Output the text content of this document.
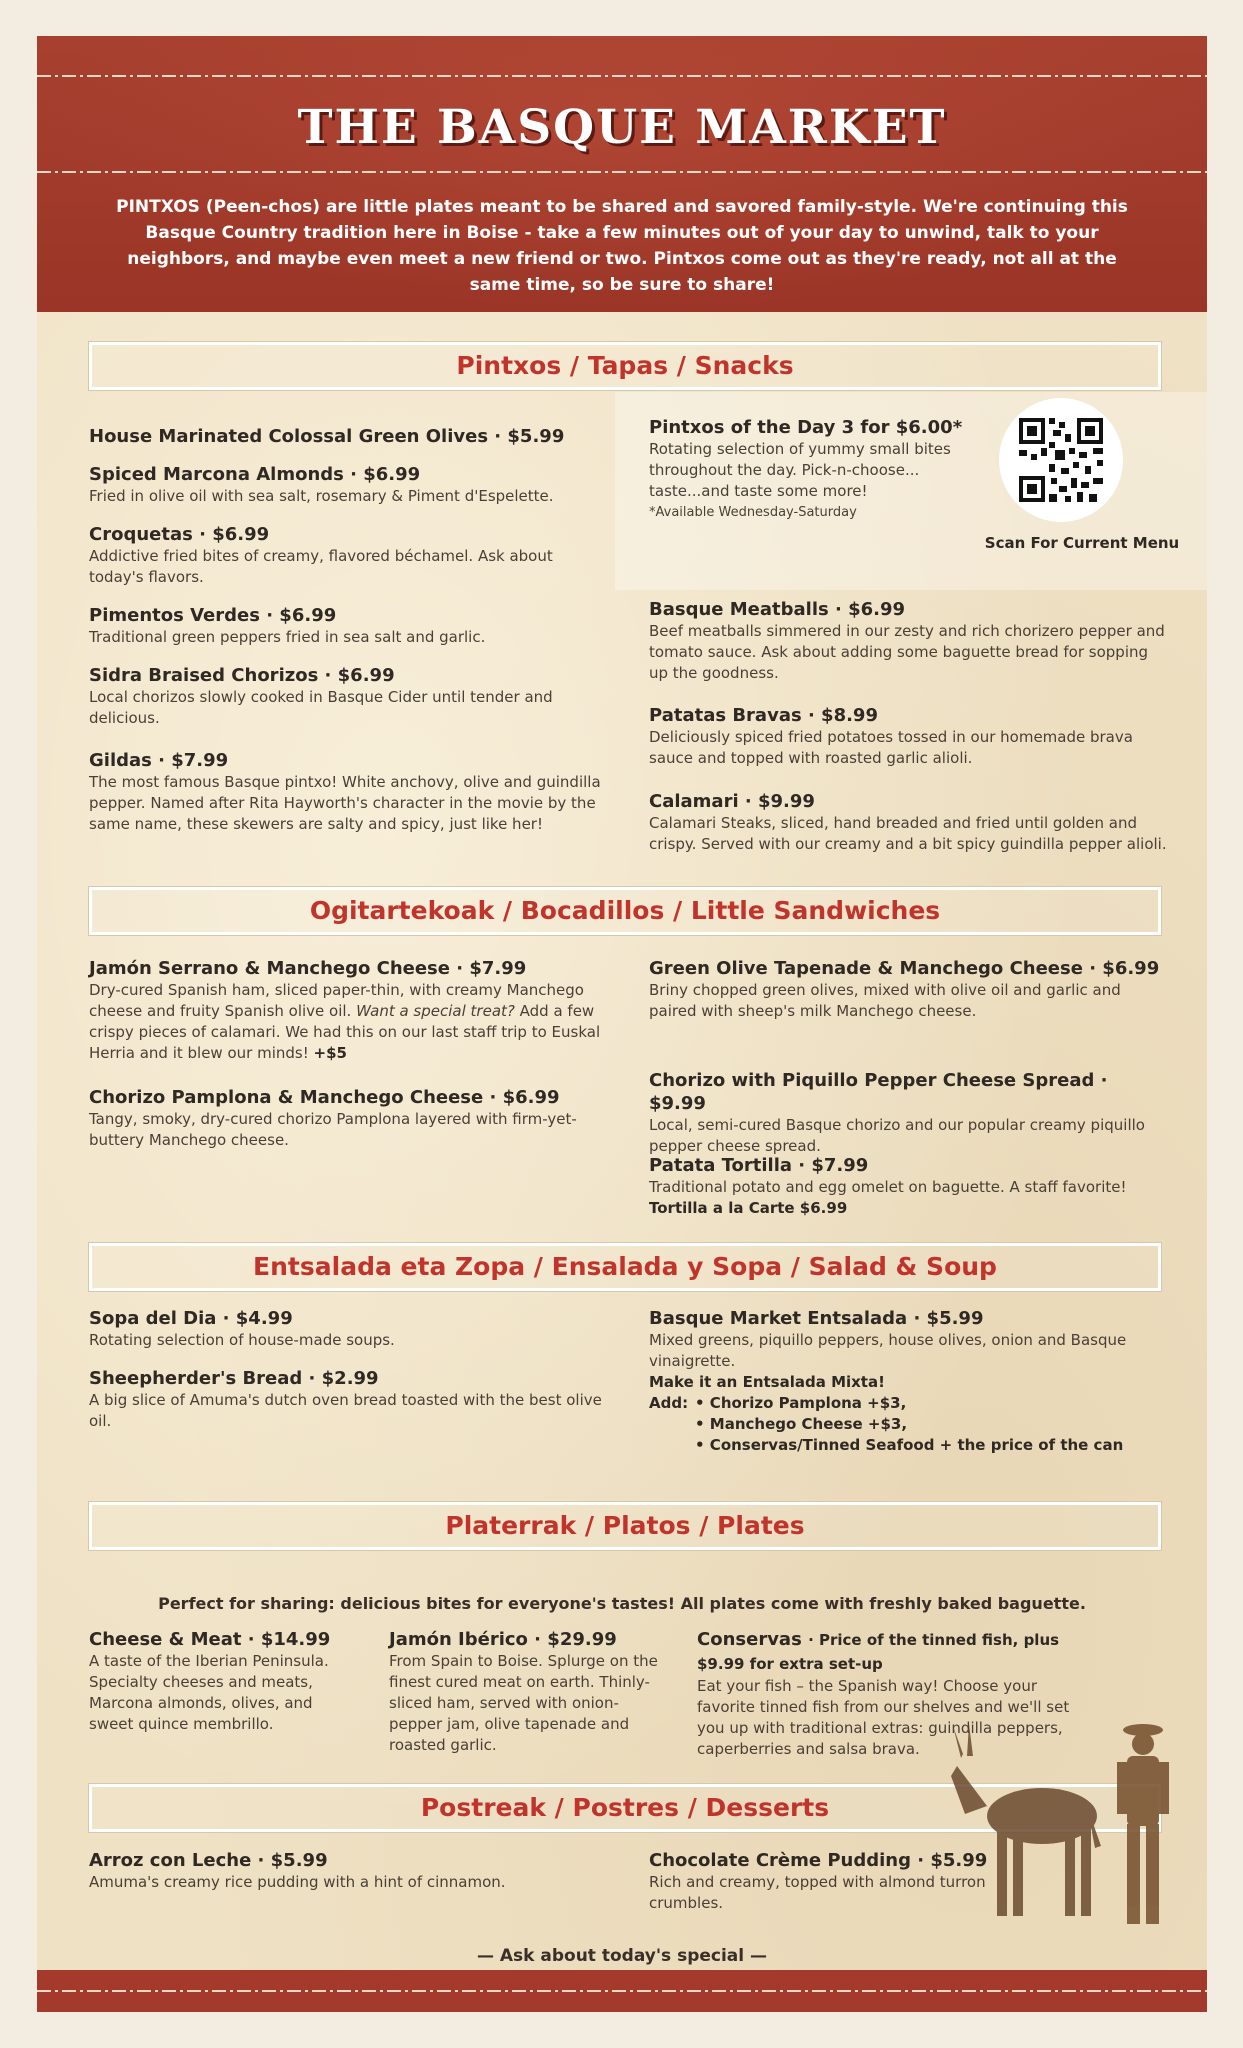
THE BASQUE MARKET
PINTXOS (Peen-chos) are little plates meant to be shared and savored family-style. We're continuing this Basque Country tradition here in Boise - take a few minutes out of your day to unwind, talk to your neighbors, and maybe even meet a new friend or two. Pintxos come out as they're ready, not all at the same time, so be sure to share!
Pintxos / Tapas / Snacks
House Marinated Colossal Green Olives · $5.99
Spiced Marcona Almonds · $6.99
Fried in olive oil with sea salt, rosemary & Piment d'Espelette.
Croquetas · $6.99
Addictive fried bites of creamy, flavored béchamel. Ask about today's flavors.
Pimentos Verdes · $6.99
Traditional green peppers fried in sea salt and garlic.
Sidra Braised Chorizos · $6.99
Local chorizos slowly cooked in Basque Cider until tender and delicious.
Gildas · $7.99
The most famous Basque pintxo! White anchovy, olive and guindilla pepper. Named after Rita Hayworth's character in the movie by the same name, these skewers are salty and spicy, just like her!
Pintxos of the Day 3 for $6.00*
Rotating selection of yummy small bites throughout the day. Pick-n-choose... taste...and taste some more!
*Available Wednesday-Saturday
Scan For Current Menu
Basque Meatballs · $6.99
Beef meatballs simmered in our zesty and rich chorizero pepper and tomato sauce. Ask about adding some baguette bread for sopping up the goodness.
Patatas Bravas · $8.99
Deliciously spiced fried potatoes tossed in our homemade brava sauce and topped with roasted garlic alioli.
Calamari · $9.99
Calamari Steaks, sliced, hand breaded and fried until golden and crispy. Served with our creamy and a bit spicy guindilla pepper alioli.
Ogitartekoak / Bocadillos / Little Sandwiches
Jamón Serrano & Manchego Cheese · $7.99
Dry-cured Spanish ham, sliced paper-thin, with creamy Manchego cheese and fruity Spanish olive oil. Want a special treat? Add a few crispy pieces of calamari. We had this on our last staff trip to Euskal Herria and it blew our minds! +$5
Chorizo Pamplona & Manchego Cheese · $6.99
Tangy, smoky, dry-cured chorizo Pamplona layered with firm-yet-buttery Manchego cheese.
Green Olive Tapenade & Manchego Cheese · $6.99
Briny chopped green olives, mixed with olive oil and garlic and paired with sheep's milk Manchego cheese.
Chorizo with Piquillo Pepper Cheese Spread · $9.99
Local, semi-cured Basque chorizo and our popular creamy piquillo pepper cheese spread.
Patata Tortilla · $7.99
Traditional potato and egg omelet on baguette. A staff favorite! Tortilla a la Carte $6.99
Entsalada eta Zopa / Ensalada y Sopa / Salad & Soup
Sopa del Dia · $4.99
Rotating selection of house-made soups.
Sheepherder's Bread · $2.99
A big slice of Amuma's dutch oven bread toasted with the best olive oil.
Basque Market Entsalada · $5.99
Mixed greens, piquillo peppers, house olives, onion and Basque vinaigrette.
Make it an Entsalada Mixta!
Add: • Chorizo Pamplona +$3,
• Manchego Cheese +$3,
• Conservas/Tinned Seafood + the price of the can
Platerrak / Platos / Plates
Perfect for sharing: delicious bites for everyone's tastes! All plates come with freshly baked baguette.
Cheese & Meat · $14.99
A taste of the Iberian Peninsula. Specialty cheeses and meats, Marcona almonds, olives, and sweet quince membrillo.
Jamón Ibérico · $29.99
From Spain to Boise. Splurge on the finest cured meat on earth. Thinly-sliced ham, served with onion-pepper jam, olive tapenade and roasted garlic.
Conservas · Price of the tinned fish, plus $9.99 for extra set-up
Eat your fish – the Spanish way! Choose your favorite tinned fish from our shelves and we'll set you up with traditional extras: guindilla peppers, caperberries and salsa brava.
Postreak / Postres / Desserts
Arroz con Leche · $5.99
Amuma's creamy rice pudding with a hint of cinnamon.
Chocolate Crème Pudding · $5.99
Rich and creamy, topped with almond turron crumbles.
— Ask about today's special —
